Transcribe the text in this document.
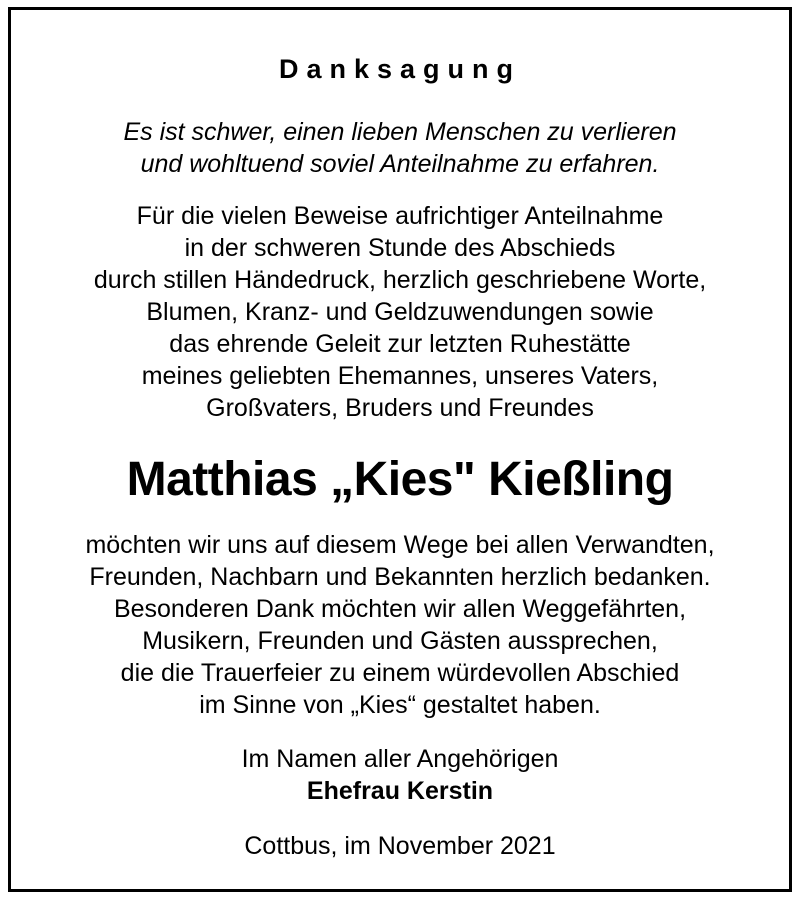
Danksagung
Es ist schwer, einen lieben Menschen zu verlieren
und wohltuend soviel Anteilnahme zu erfahren.
Für die vielen Beweise aufrichtiger Anteilnahme
in der schweren Stunde des Abschieds
durch stillen Händedruck, herzlich geschriebene Worte,
Blumen, Kranz- und Geldzuwendungen sowie
das ehrende Geleit zur letzten Ruhestätte
meines geliebten Ehemannes, unseres Vaters,
Großvaters, Bruders und Freundes
Matthias „Kies" Kießling
möchten wir uns auf diesem Wege bei allen Verwandten,
Freunden, Nachbarn und Bekannten herzlich bedanken.
Besonderen Dank möchten wir allen Weggefährten,
Musikern, Freunden und Gästen aussprechen,
die die Trauerfeier zu einem würdevollen Abschied
im Sinne von „Kies“ gestaltet haben.
Im Namen aller Angehörigen
Ehefrau Kerstin
Cottbus, im November 2021
